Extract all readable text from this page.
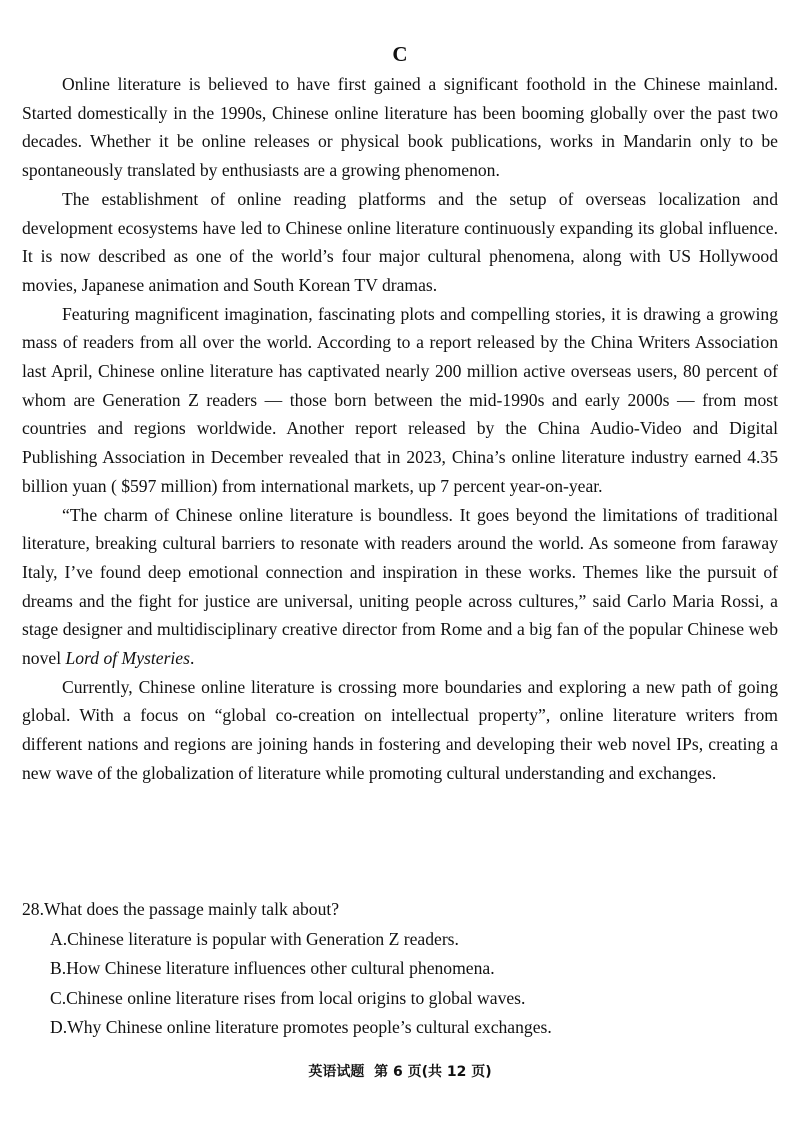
C

Online literature is believed to have first gained a significant foothold in the Chinese mainland. Started domestically in the 1990s, Chinese online literature has been booming globally over the past two decades. Whether it be online releases or physical book publications, works in Mandarin only to be spontaneously translated by enthusiasts are a growing phenomenon.

The establishment of online reading platforms and the setup of overseas localization and development ecosystems have led to Chinese online literature continuously expanding its global influence. It is now described as one of the world’s four major cultural phenomena, along with US Hollywood movies, Japanese animation and South Korean TV dramas.

Featuring magnificent imagination, fascinating plots and compelling stories, it is drawing a growing mass of readers from all over the world. According to a report released by the China Writers Association last April, Chinese online literature has captivated nearly 200 million active overseas users, 80 percent of whom are Generation Z readers — those born between the mid-1990s and early 2000s — from most countries and regions worldwide. Another report released by the China Audio-Video and Digital Publishing Association in December revealed that in 2023, China’s online literature industry earned 4.35 billion yuan ( $597 million) from international markets, up 7 percent year-on-year.

“The charm of Chinese online literature is boundless. It goes beyond the limitations of traditional literature, breaking cultural barriers to resonate with readers around the world. As someone from faraway Italy, I’ve found deep emotional connection and inspiration in these works. Themes like the pursuit of dreams and the fight for justice are universal, uniting people across cultures,” said Carlo Maria Rossi, a stage designer and multidisciplinary creative director from Rome and a big fan of the popular Chinese web novel Lord of Mysteries.

Currently, Chinese online literature is crossing more boundaries and exploring a new path of going global. With a focus on “global co-creation on intellectual property”, online literature writers from different nations and regions are joining hands in fostering and developing their web novel IPs, creating a new wave of the globalization of literature while promoting cultural understanding and exchanges.

28.What does the passage mainly talk about?

A.Chinese literature is popular with Generation Z readers.
B.How Chinese literature influences other cultural phenomena.
C.Chinese online literature rises from local origins to global waves.
D.Why Chinese online literature promotes people’s cultural exchanges.
英语试题 第 6 页(共 12 页)
